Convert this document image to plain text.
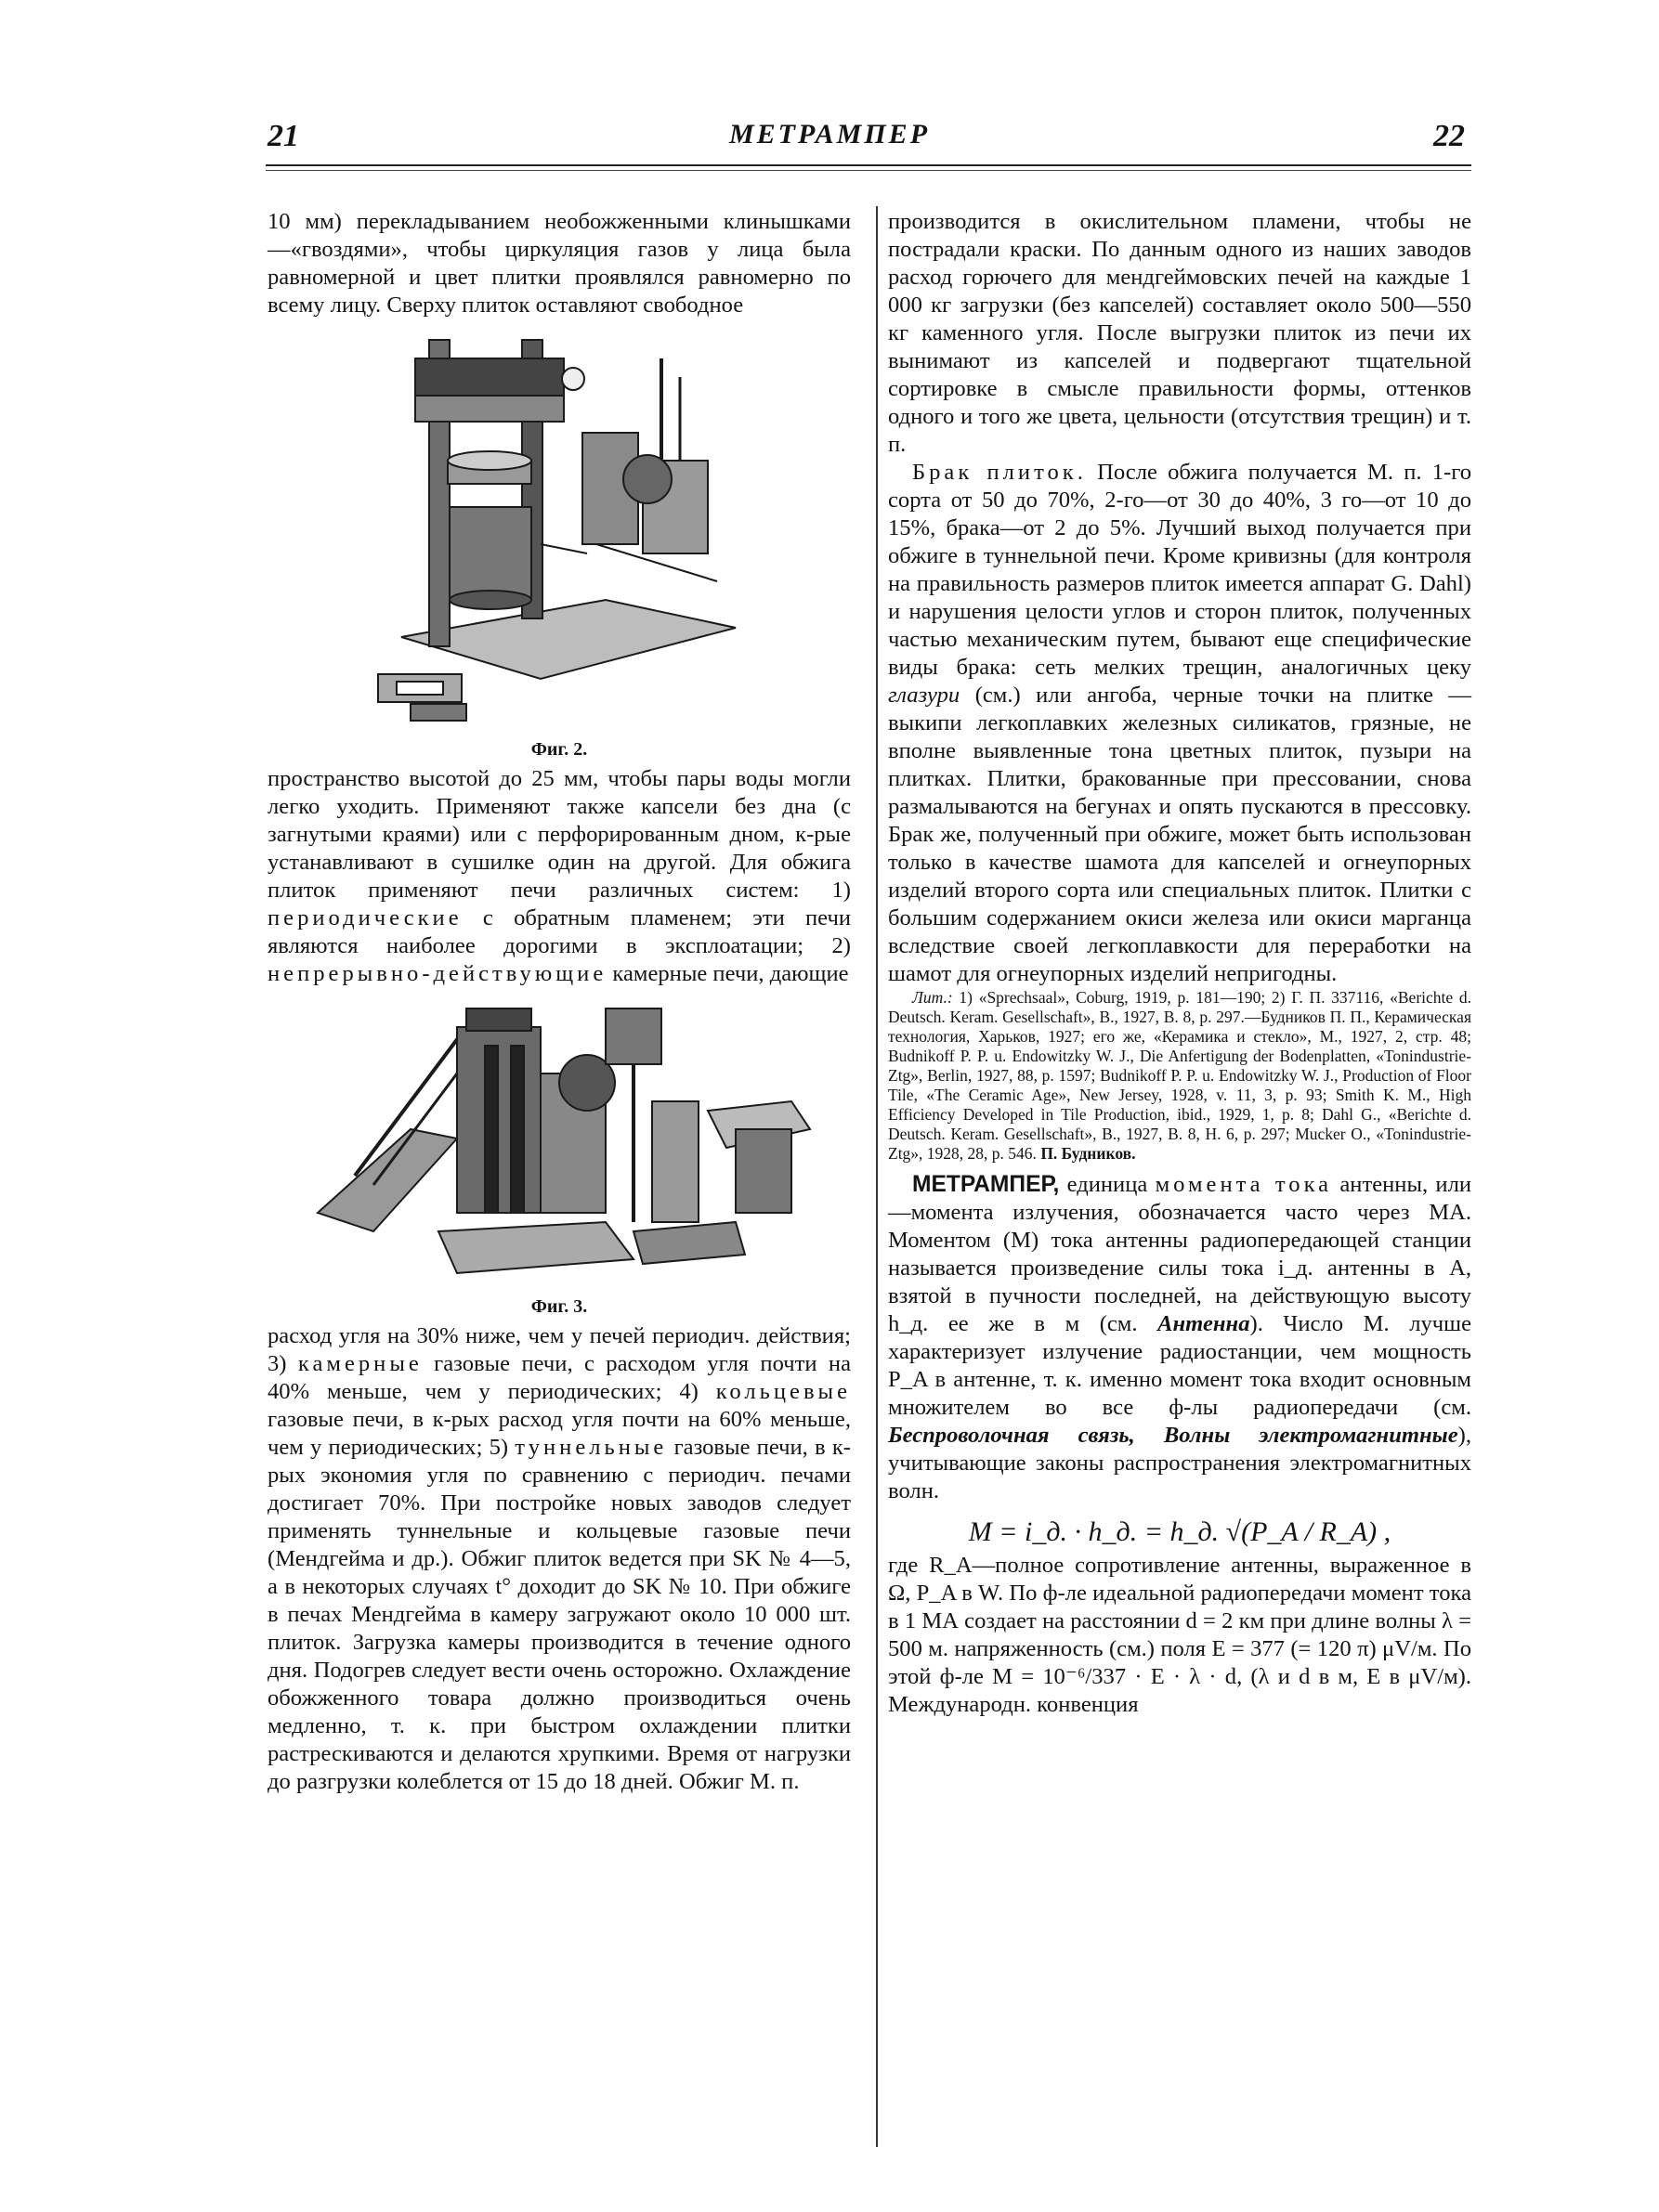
21	МЕТРАМПЕР	22

10 мм) перекладыванием необожженными клинышками—«гвоздями», чтобы циркуляция газов у лица была равномерной и цвет плитки проявлялся равномерно по всему лицу. Сверху плиток оставляют свободное

Фиг. 2.

пространство высотой до 25 мм, чтобы пары воды могли легко уходить. Применяют также капсели без дна (с загнутыми краями) или с перфорированным дном, к-рые устанавливают в сушилке один на другой. Для обжига плиток применяют печи различных систем: 1) периодические с обратным пламенем; эти печи являются наиболее дорогими в эксплоатации; 2) непрерывно-действующие камерные печи, дающие

Фиг. 3.

расход угля на 30% ниже, чем у печей периодич. действия; 3) камерные газовые печи, с расходом угля почти на 40% меньше, чем у периодических; 4) кольцевые газовые печи, в к-рых расход угля почти на 60% меньше, чем у периодических; 5) туннельные газовые печи, в к-рых экономия угля по сравнению с периодич. печами достигает 70%. При постройке новых заводов следует применять туннельные и кольцевые газовые печи (Мендгейма и др.). Обжиг плиток ведется при SK № 4—5, а в некоторых случаях t° доходит до SK № 10. При обжиге в печах Мендгейма в камеру загружают около 10 000 шт. плиток. Загрузка камеры производится в течение одного дня. Подогрев следует вести очень осторожно. Охлаждение обожженного товара должно производиться очень медленно, т. к. при быстром охлаждении плитки растрескиваются и делаются хрупкими. Время от нагрузки до разгрузки колеблется от 15 до 18 дней. Обжиг М. п.

производится в окислительном пламени, чтобы не пострадали краски. По данным одного из наших заводов расход горючего для мендгеймовских печей на каждые 1 000 кг загрузки (без капселей) составляет около 500—550 кг каменного угля. После выгрузки плиток из печи их вынимают из капселей и подвергают тщательной сортировке в смысле правильности формы, оттенков одного и того же цвета, цельности (отсутствия трещин) и т. п.

Брак плиток. После обжига получается М. п. 1-го сорта от 50 до 70%, 2-го—от 30 до 40%, 3 го—от 10 до 15%, брака—от 2 до 5%. Лучший выход получается при обжиге в туннельной печи. Кроме кривизны (для контроля на правильность размеров плиток имеется аппарат G. Dahl) и нарушения целости углов и сторон плиток, полученных частью механическим путем, бывают еще специфические виды брака: сеть мелких трещин, аналогичных цеку глазури (см.) или ангоба, черные точки на плитке — выкипи легкоплавких железных силикатов, грязные, не вполне выявленные тона цветных плиток, пузыри на плитках. Плитки, бракованные при прессовании, снова размалываются на бегунах и опять пускаются в прессовку. Брак же, полученный при обжиге, может быть использован только в качестве шамота для капселей и огнеупорных изделий второго сорта или специальных плиток. Плитки с большим содержанием окиси железа или окиси марганца вследствие своей легкоплавкости для переработки на шамот для огнеупорных изделий непригодны.

Лит.: 1) «Sprechsaal», Coburg, 1919, p. 181—190; 2) Г. П. 337116, «Berichte d. Deutsch. Keram. Gesellschaft», B., 1927, B. 8, p. 297.—Будников П. П., Керамическая технология, Харьков, 1927; его же, «Керамика и стекло», М., 1927, 2, стр. 48; Budnikoff P. P. u. Endowitzky W. J., Die Anfertigung der Bodenplatten, «Tonindustrie-Ztg», Berlin, 1927, 88, p. 1597; Budnikoff P. P. u. Endowitzky W. J., Production of Floor Tile, «The Ceramic Age», New Jersey, 1928, v. 11, 3, p. 93; Smith K. M., High Efficiency Developed in Tile Production, ibid., 1929, 1, p. 8; Dahl G., «Berichte d. Deutsch. Keram. Gesellschaft», B., 1927, B. 8, H. 6, p. 297; Mucker O., «Tonindustrie-Ztg», 1928, 28, p. 546. П. Будников.

МЕТРАМПЕР, единица момента тока антенны, или—момента излучения, обозначается часто через МА. Моментом (M) тока антенны радиопередающей станции называется произведение силы тока i_д. антенны в А, взятой в пучности последней, на действующую высоту h_д. ее же в м (см. Антенна). Число М. лучше характеризует излучение радиостанции, чем мощность P_A в антенне, т. к. именно момент тока входит основным множителем во все ф-лы радиопередачи (см. Беспроволочная связь, Волны электромагнитные), учитывающие законы распространения электромагнитных волн.

M = i_д. · h_д. = h_д. √(P_A / R_A) ,

где R_A—полное сопротивление антенны, выраженное в Ω, P_A в W. По ф-ле идеальной радиопередачи момент тока в 1 МА создает на расстоянии d = 2 км при длине волны λ = 500 м. напряженность (см.) поля E = 377 (= 120 π) μV/м. По этой ф-ле M = 10⁻⁶/337 · E · λ · d, (λ и d в м, E в μV/м). Международн. конвенция
